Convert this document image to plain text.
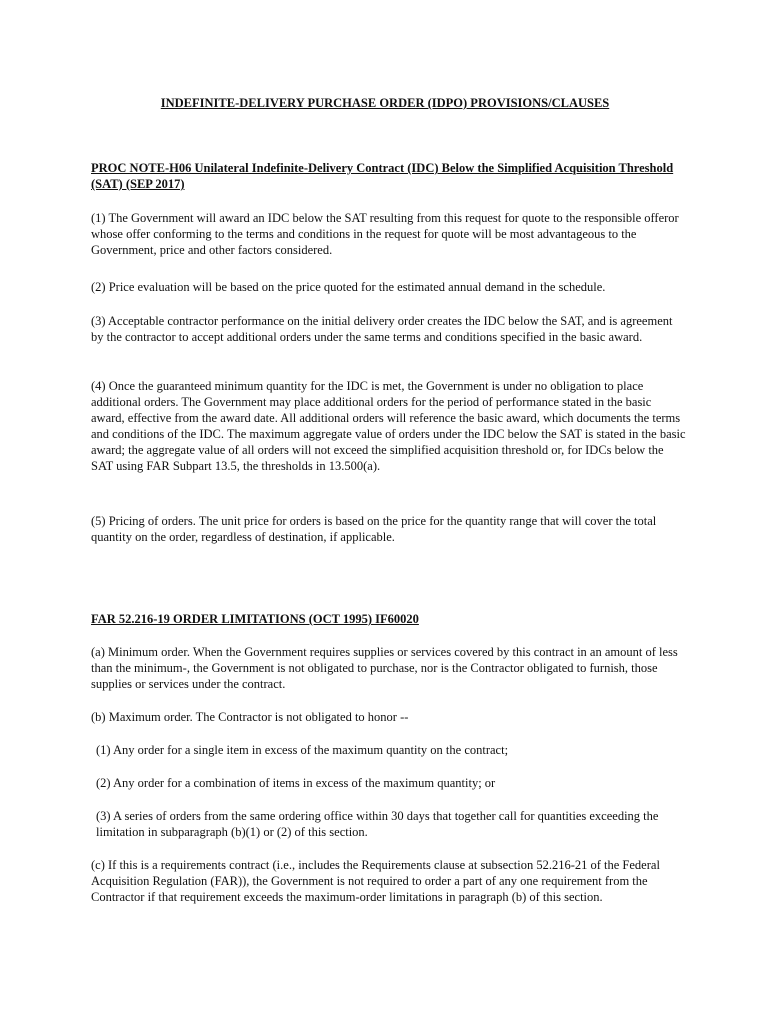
INDEFINITE-DELIVERY PURCHASE ORDER (IDPO) PROVISIONS/CLAUSES

PROC NOTE-H06 Unilateral Indefinite-Delivery Contract (IDC) Below the Simplified Acquisition Threshold (SAT) (SEP 2017)

(1) The Government will award an IDC below the SAT resulting from this request for quote to the responsible offeror whose offer conforming to the terms and conditions in the request for quote will be most advantageous to the Government, price and other factors considered.

(2) Price evaluation will be based on the price quoted for the estimated annual demand in the schedule.

(3) Acceptable contractor performance on the initial delivery order creates the IDC below the SAT, and is agreement by the contractor to accept additional orders under the same terms and conditions specified in the basic award.

(4) Once the guaranteed minimum quantity for the IDC is met, the Government is under no obligation to place additional orders. The Government may place additional orders for the period of performance stated in the basic award, effective from the award date. All additional orders will reference the basic award, which documents the terms and conditions of the IDC. The maximum aggregate value of orders under the IDC below the SAT is stated in the basic award; the aggregate value of all orders will not exceed the simplified acquisition threshold or, for IDCs below the SAT using FAR Subpart 13.5, the thresholds in 13.500(a).

(5) Pricing of orders. The unit price for orders is based on the price for the quantity range that will cover the total quantity on the order, regardless of destination, if applicable.

FAR 52.216-19 ORDER LIMITATIONS (OCT 1995) IF60020

(a) Minimum order. When the Government requires supplies or services covered by this contract in an amount of less than the minimum-, the Government is not obligated to purchase, nor is the Contractor obligated to furnish, those supplies or services under the contract.

(b) Maximum order. The Contractor is not obligated to honor --

(1) Any order for a single item in excess of the maximum quantity on the contract;

(2) Any order for a combination of items in excess of the maximum quantity; or

(3) A series of orders from the same ordering office within 30 days that together call for quantities exceeding the limitation in subparagraph (b)(1) or (2) of this section.

(c) If this is a requirements contract (i.e., includes the Requirements clause at subsection 52.216-21 of the Federal Acquisition Regulation (FAR)), the Government is not required to order a part of any one requirement from the Contractor if that requirement exceeds the maximum-order limitations in paragraph (b) of this section.
